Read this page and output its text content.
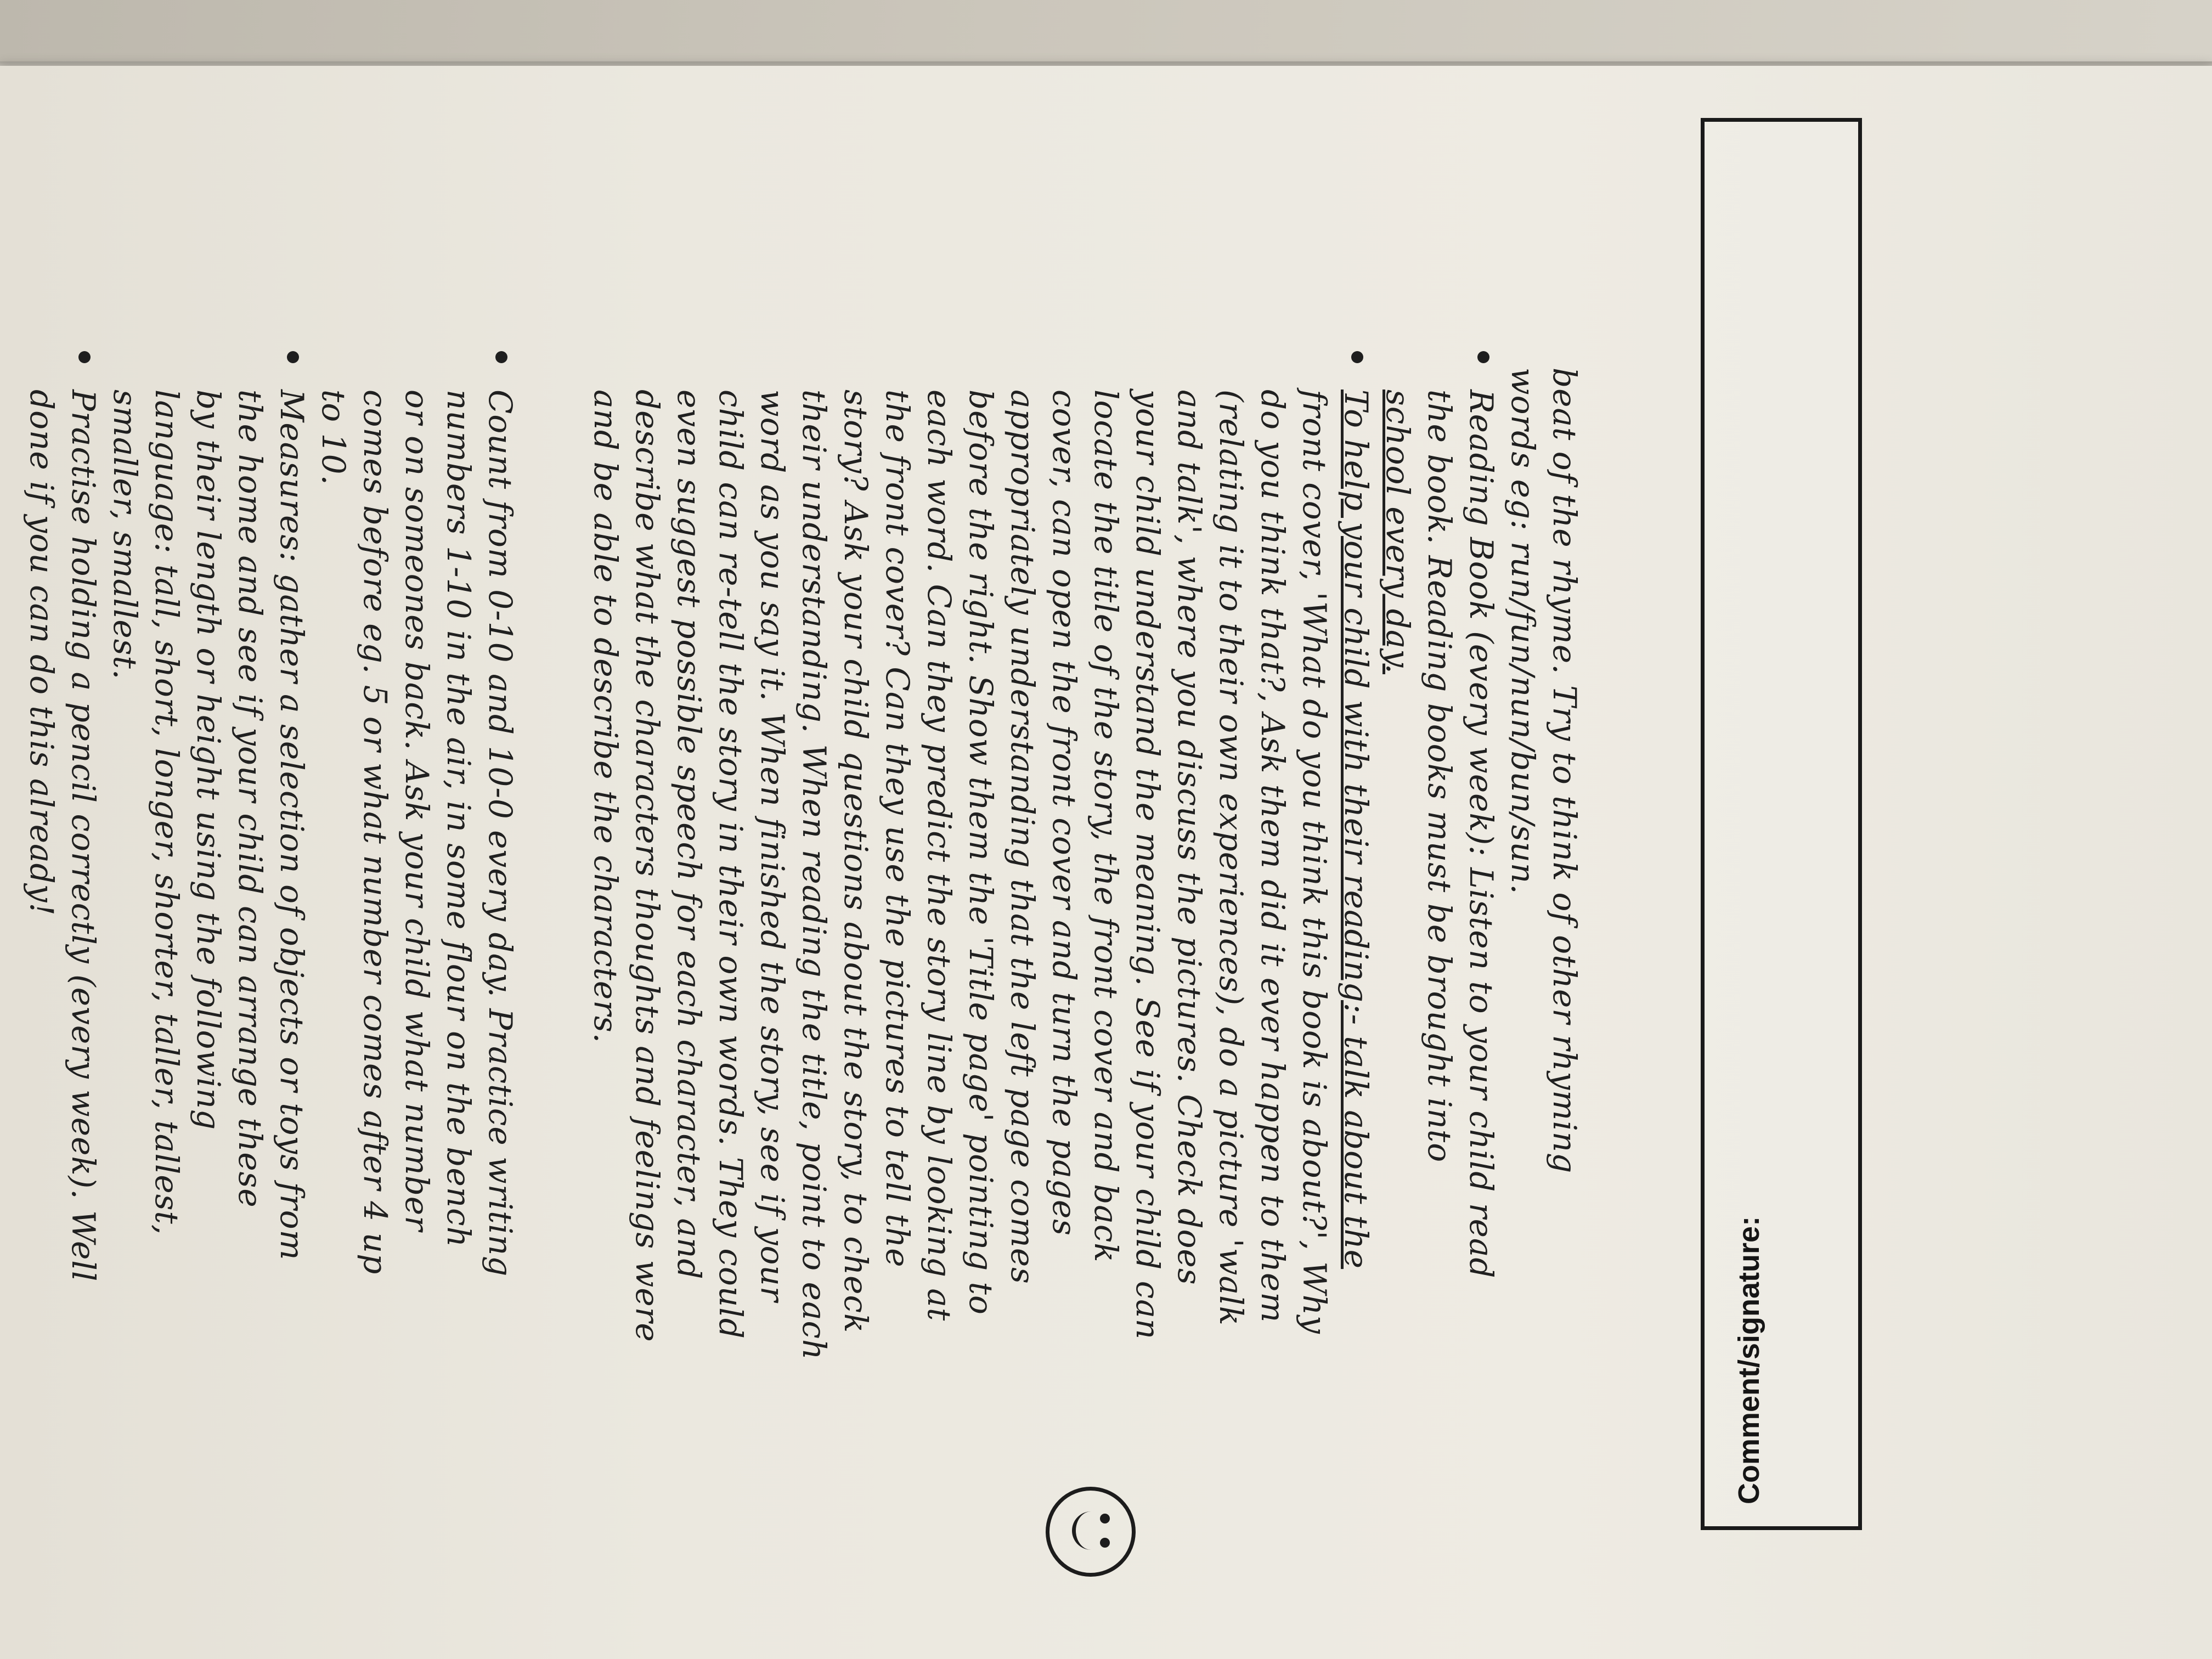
beat of the rhyme. Try to think of other rhyming
words eg: run/fun/nun/bun/sun.
Reading Book (every week): Listen to your child read
the book. Reading books must be brought into
school every day.
To help your child with their reading:- talk about the
front cover, 'What do you think this book is about?', Why
do you think that?, Ask them did it ever happen to them
(relating it to their own experiences), do a picture 'walk
and talk', where you discuss the pictures. Check does
your child understand the meaning. See if your child can
locate the title of the story, the front cover and back
cover, can open the front cover and turn the pages
appropriately understanding that the left page comes
before the right. Show them the 'Title page' pointing to
each word. Can they predict the story line by looking at
the front cover? Can they use the pictures to tell the
story? Ask your child questions about the story, to check
their understanding. When reading the title, point to each
word as you say it. When finished the story, see if your
child can re-tell the story in their own words. They could
even suggest possible speech for each character, and
describe what the characters thoughts and feelings were
and be able to describe the characters.
Count from 0-10 and 10-0 every day. Practice writing
numbers 1-10 in the air, in some flour on the bench
or on someones back. Ask your child what number
comes before eg. 5 or what number comes after 4 up
to 10.
Measures: gather a selection of objects or toys from
the home and see if your child can arrange these
by their length or height using the following
language: tall, short, longer, shorter, taller, tallest,
smaller, smallest.
Practise holding a pencil correctly (every week). Well
done if you can do this already!
Comment/signature:
